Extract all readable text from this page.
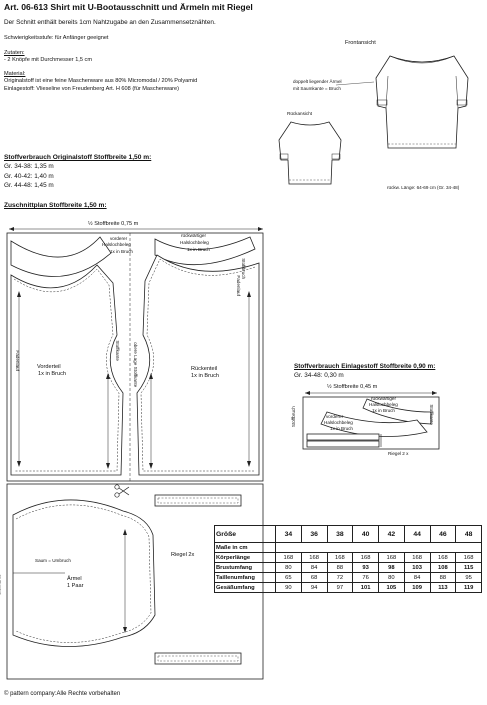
Art. 06-613 Shirt mit U-Bootausschnitt und Ärmeln mit Riegel
Der Schnitt enthält bereits 1cm Nahtzugabe an den Zusammensetznähten.
Schwierigkeitsstufe: für Anfänger geeignet
Zutaten:
- 2 Knöpfe mit Durchmesser 1,5 cm
Material:
Originalstoff ist eine feine Maschenware aus 80% Micromodal / 20% Polyamid
Einlagestoff: Vlieseline von Freudenberg Art. H 608 (für Maschenware)
Frontansicht
doppelt liegender Ärmel
mit Saumkante = Bruch
Rückansicht
rückw. Länge: 64-69 cm (Gr. 34-48)
Stoffverbrauch Originalstoff Stoffbreite 1,50 m:
Gr. 34-38: 1,35 m
Gr. 40-42: 1,40 m
Gr. 44-48: 1,45 m
Zuschnittplan Stoffbreite 1,50 m:
½ Stoffbreite 0,75 m
vorderer
Halslochbeleg
1x in Bruch
rückwärtiger
Halslochbeleg
1x in Bruch
Vorderteil
1x in Bruch
Rückenteil
1x in Bruch
Fadenlauf	Stoffkante	obere Lage Stoffkante
Stoffbruch
Fadenlauf
Saum = Umbruch
Ärmel
1 Paar
Riegel 2x
Stoffverbrauch Einlagestoff Stoffbreite 0,90 m:
Gr. 34-48: 0,30 m
½ Stoffbreite 0,45 m
rückwärtiger
Halslochbeleg
1x in Bruch
vorderer
Halslochbeleg
1x in Bruch
Stoffbruch	Stoffkante
Riegel 2 x
Größe	34	36	38	40	42	44	46	48
Maße in cm								
Körperlänge	168	168	168	168	168	168	168	168
Brustumfang	80	84	88	93	98	103	108	115
Taillenumfang	65	68	72	76	80	84	88	95
Gesäßumfang	90	94	97	101	105	109	113	119
© pattern company:Alle Rechte vorbehalten
